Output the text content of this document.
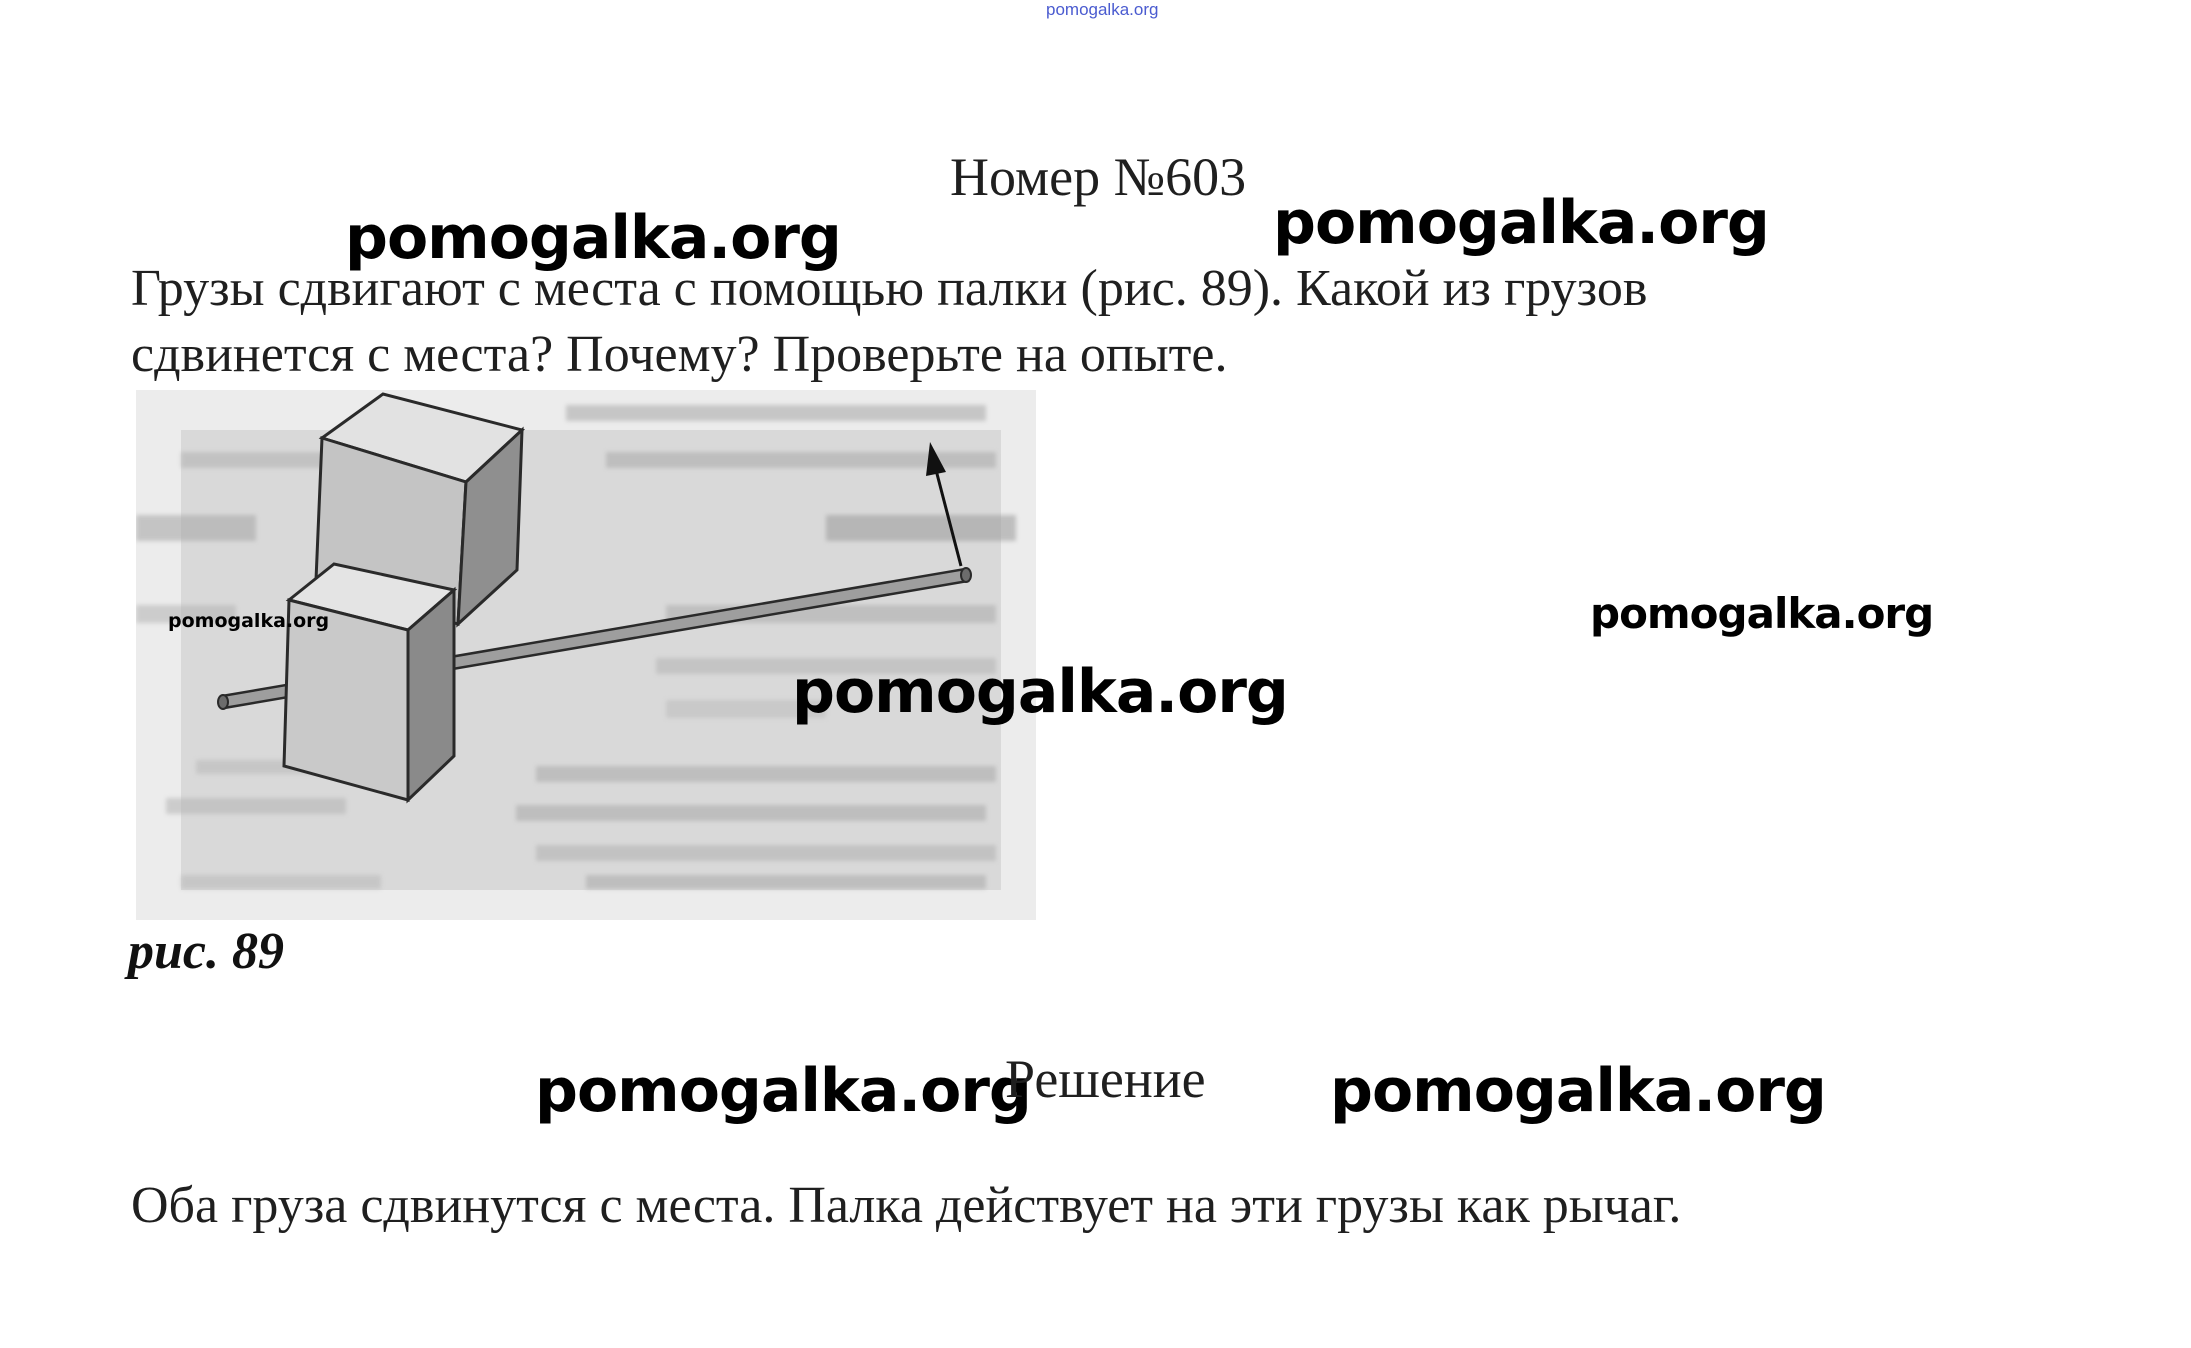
pomogalka.org
Номер №603
pomogalka.org	pomogalka.org
Грузы сдвигают с места с помощью палки (рис. 89). Какой из грузов
сдвинется с места? Почему? Проверьте на опыте.
pomogalka.org	pomogalka.org
pomogalka.org
рис. 89
pomogalka.org
Решение pomogalka.org
Оба груза сдвинутся с места. Палка действует на эти грузы как рычаг.
